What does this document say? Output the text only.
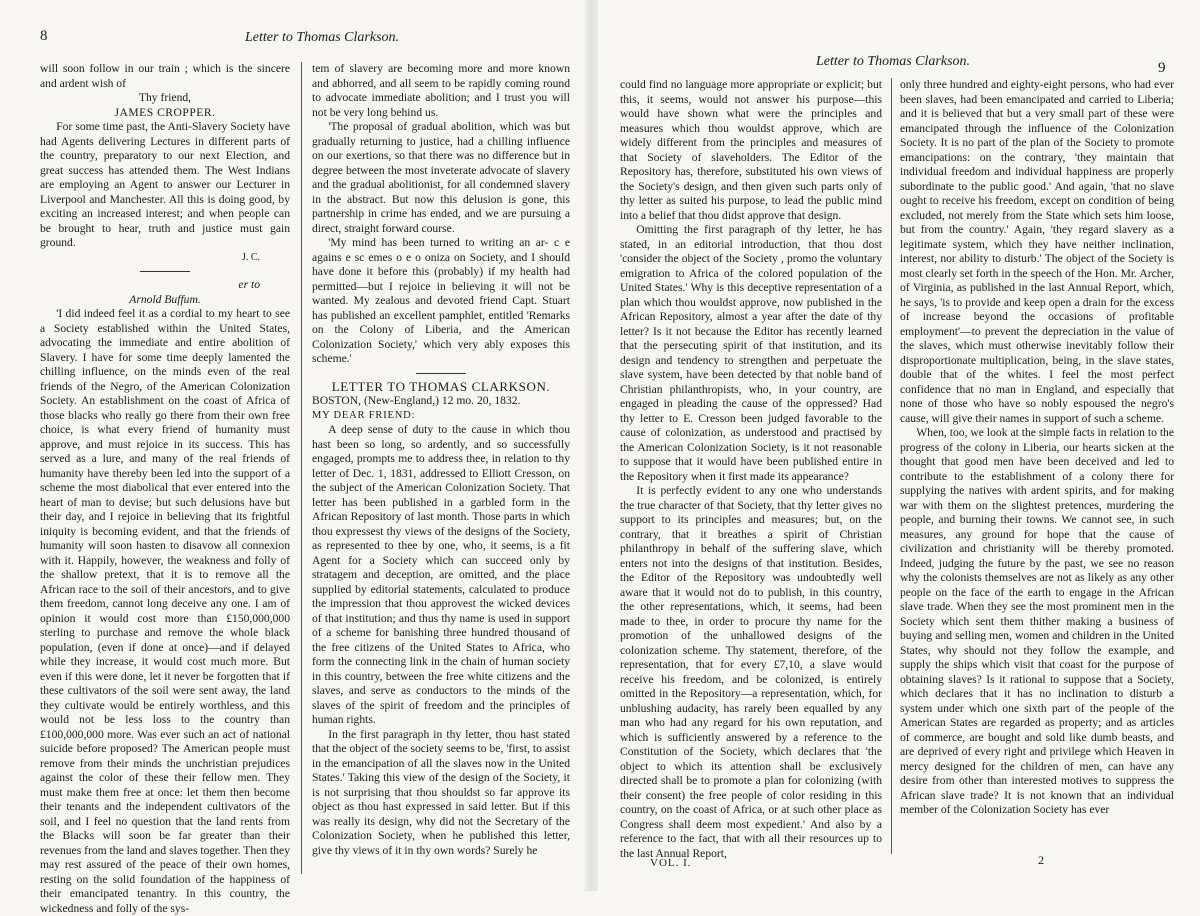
8	Letter to Thomas Clarkson.

will soon follow in our train ; which is the sincere and ardent wish of

Thy friend,

JAMES CROPPER.

For some time past, the Anti-Slavery Society have had Agents delivering Lectures in different parts of the country, preparatory to our next Election, and great success has attended them. The West Indians are employing an Agent to answer our Lecturer in Liverpool and Manchester. All this is doing good, by exciting an increased interest; and when people can be brought to hear, truth and justice must gain ground.

J. C.

er to

Arnold Buffum.

'I did indeed feel it as a cordial to my heart to see a Society established within the United States, advocating the immediate and entire abolition of Slavery. I have for some time deeply lamented the chilling influence, on the minds even of the real friends of the Negro, of the American Colonization Society. An establishment on the coast of Africa of those blacks who really go there from their own free choice, is what every friend of humanity must approve, and must rejoice in its success. This has served as a lure, and many of the real friends of humanity have thereby been led into the support of a scheme the most diabolical that ever entered into the heart of man to devise; but such delusions have but their day, and I rejoice in believing that its frightful iniquity is becoming evident, and that the friends of humanity will soon hasten to disavow all connexion with it. Happily, however, the weakness and folly of the shallow pretext, that it is to remove all the African race to the soil of their ancestors, and to give them freedom, cannot long deceive any one. I am of opinion it would cost more than £150,000,000 sterling to purchase and remove the whole black population, (even if done at once)—and if delayed while they increase, it would cost much more. But even if this were done, let it never be forgotten that if these cultivators of the soil were sent away, the land they cultivate would be entirely worthless, and this would not be less loss to the country than £100,000,000 more. Was ever such an act of national suicide before proposed? The American people must remove from their minds the unchristian prejudices against the color of these their fellow men. They must make them free at once: let them then become their tenants and the independent cultivators of the soil, and I feel no question that the land rents from the Blacks will soon be far greater than their revenues from the land and slaves together. Then they may rest assured of the peace of their own homes, resting on the solid foundation of the happiness of their emancipated tenantry. In this country, the wickedness and folly of the sys-

tem of slavery are becoming more and more known and abhorred, and all seem to be rapidly coming round to advocate immediate abolition; and I trust you will not be very long behind us.

'The proposal of gradual abolition, which was but gradually returning to justice, had a chilling influence on our exertions, so that there was no difference but in degree between the most inveterate advocate of slavery and the gradual abolitionist, for all condemned slavery in the abstract. But now this delusion is gone, this partnership in crime has ended, and we are pursuing a direct, straight forward course.

'My mind has been turned to writing an ar- c e agains e sc emes o e o oniza on Society, and I should have done it before this (probably) if my health had permitted—but I rejoice in believing it will not be wanted. My zealous and devoted friend Capt. Stuart has published an excellent pamphlet, entitled 'Remarks on the Colony of Liberia, and the American Colonization Society,' which very ably exposes this scheme.'

LETTER TO THOMAS CLARKSON.

BOSTON, (New-England,) 12 mo. 20, 1832.

MY DEAR FRIEND:

A deep sense of duty to the cause in which thou hast been so long, so ardently, and so successfully engaged, prompts me to address thee, in relation to thy letter of Dec. 1, 1831, addressed to Elliott Cresson, on the subject of the American Colonization Society. That letter has been published in a garbled form in the African Repository of last month. Those parts in which thou expressest thy views of the designs of the Society, as represented to thee by one, who, it seems, is a fit Agent for a Society which can succeed only by stratagem and deception, are omitted, and the place supplied by editorial statements, calculated to produce the impression that thou approvest the wicked devices of that institution; and thus thy name is used in support of a scheme for banishing three hundred thousand of the free citizens of the United States to Africa, who form the connecting link in the chain of human society in this country, between the free white citizens and the slaves, and serve as conductors to the minds of the slaves of the spirit of freedom and the principles of human rights.

In the first paragraph in thy letter, thou hast stated that the object of the society seems to be, 'first, to assist in the emancipation of all the slaves now in the United States.' Taking this view of the design of the Society, it is not surprising that thou shouldst so far approve its object as thou hast expressed in said letter. But if this was really its design, why did not the Secretary of the Colonization Society, when he published this letter, give thy views of it in thy own words? Surely he

Letter to Thomas Clarkson.	9

could find no language more appropriate or explicit; but this, it seems, would not answer his purpose—this would have shown what were the principles and measures which thou wouldst approve, which are widely different from the principles and measures of that Society of slaveholders. The Editor of the Repository has, therefore, substituted his own views of the Society's design, and then given such parts only of thy letter as suited his purpose, to lead the public mind into a belief that thou didst approve that design.

Omitting the first paragraph of thy letter, he has stated, in an editorial introduction, that thou dost 'consider the object of the Society , promo the voluntary emigration to Africa of the colored population of the United States.' Why is this deceptive representation of a plan which thou wouldst approve, now published in the African Repository, almost a year after the date of thy letter? Is it not because the Editor has recently learned that the persecuting spirit of that institution, and its design and tendency to strengthen and perpetuate the slave system, have been detected by that noble band of Christian philanthropists, who, in your country, are engaged in pleading the cause of the oppressed? Had thy letter to E. Cresson been judged favorable to the cause of colonization, as understood and practised by the American Colonization Society, is it not reasonable to suppose that it would have been published entire in the Repository when it first made its appearance?

It is perfectly evident to any one who understands the true character of that Society, that thy letter gives no support to its principles and measures; but, on the contrary, that it breathes a spirit of Christian philanthropy in behalf of the suffering slave, which enters not into the designs of that institution. Besides, the Editor of the Repository was undoubtedly well aware that it would not do to publish, in this country, the other representations, which, it seems, had been made to thee, in order to procure thy name for the promotion of the unhallowed designs of the colonization scheme. Thy statement, therefore, of the representation, that for every £7,10, a slave would receive his freedom, and be colonized, is entirely omitted in the Repository—a representation, which, for unblushing audacity, has rarely been equalled by any man who had any regard for his own reputation, and which is sufficiently answered by a reference to the Constitution of the Society, which declares that 'the object to which its attention shall be exclusively directed shall be to promote a plan for colonizing (with their consent) the free people of color residing in this country, on the coast of Africa, or at such other place as Congress shall deem most expedient.' And also by a reference to the fact, that with all their resources up to the last Annual Report,

only three hundred and eighty-eight persons, who had ever been slaves, had been emancipated and carried to Liberia; and it is believed that but a very small part of these were emancipated through the influence of the Colonization Society. It is no part of the plan of the Society to promote emancipations: on the contrary, 'they maintain that individual freedom and individual happiness are properly subordinate to the public good.' And again, 'that no slave ought to receive his freedom, except on condition of being excluded, not merely from the State which sets him loose, but from the country.' Again, 'they regard slavery as a legitimate system, which they have neither inclination, interest, nor ability to disturb.' The object of the Society is most clearly set forth in the speech of the Hon. Mr. Archer, of Virginia, as published in the last Annual Report, which, he says, 'is to provide and keep open a drain for the excess of increase beyond the occasions of profitable employment'—to prevent the depreciation in the value of the slaves, which must otherwise inevitably follow their disproportionate multiplication, being, in the slave states, double that of the whites. I feel the most perfect confidence that no man in England, and especially that none of those who have so nobly espoused the negro's cause, will give their names in support of such a scheme.

When, too, we look at the simple facts in relation to the progress of the colony in Liberia, our hearts sicken at the thought that good men have been deceived and led to contribute to the establishment of a colony there for supplying the natives with ardent spirits, and for making war with them on the slightest pretences, murdering the people, and burning their towns. We cannot see, in such measures, any ground for hope that the cause of civilization and christianity will be thereby promoted. Indeed, judging the future by the past, we see no reason why the colonists themselves are not as likely as any other people on the face of the earth to engage in the African slave trade. When they see the most prominent men in the Society which sent them thither making a business of buying and selling men, women and children in the United States, why should not they follow the example, and supply the ships which visit that coast for the purpose of obtaining slaves? Is it rational to suppose that a Society, which declares that it has no inclination to disturb a system under which one sixth part of the people of the American States are regarded as property; and as articles of commerce, are bought and sold like dumb beasts, and are deprived of every right and privilege which Heaven in mercy designed for the children of men, can have any desire from other than interested motives to suppress the African slave trade? It is not known that an individual member of the Colonization Society has ever

VOL. I.	2
